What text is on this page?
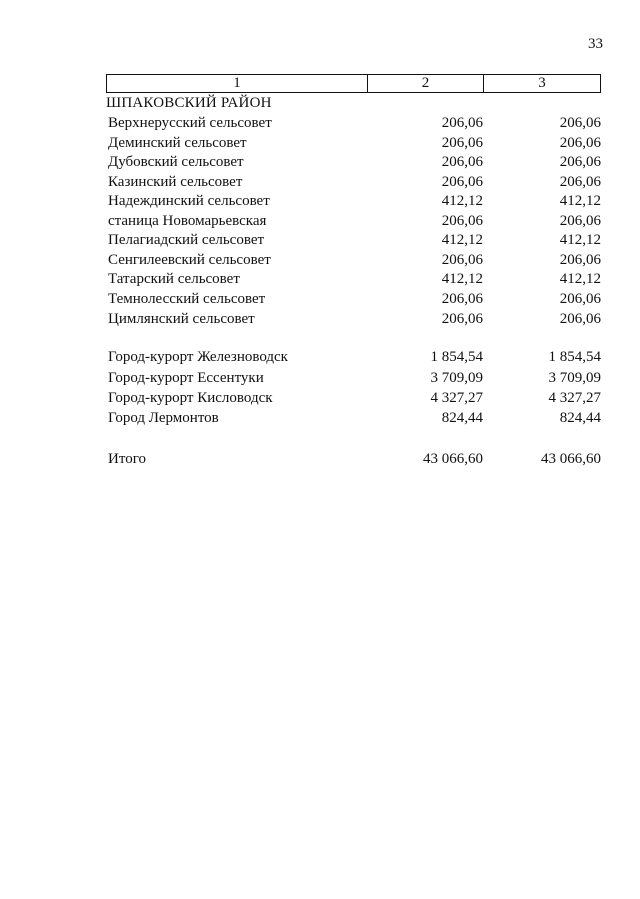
33
1	2	3
ШПАКОВСКИЙ РАЙОН
Верхнерусский сельсовет	206,06	206,06
Деминский сельсовет	206,06	206,06
Дубовский сельсовет	206,06	206,06
Казинский сельсовет	206,06	206,06
Надеждинский сельсовет	412,12	412,12
станица Новомарьевская	206,06	206,06
Пелагиадский сельсовет	412,12	412,12
Сенгилеевский сельсовет	206,06	206,06
Татарский сельсовет	412,12	412,12
Темнолесский сельсовет	206,06	206,06
Цимлянский сельсовет	206,06	206,06
Город-курорт Железноводск	1 854,54	1 854,54
Город-курорт Ессентуки	3 709,09	3 709,09
Город-курорт Кисловодск	4 327,27	4 327,27
Город Лермонтов	824,44	824,44
Итого	43 066,60	43 066,60
